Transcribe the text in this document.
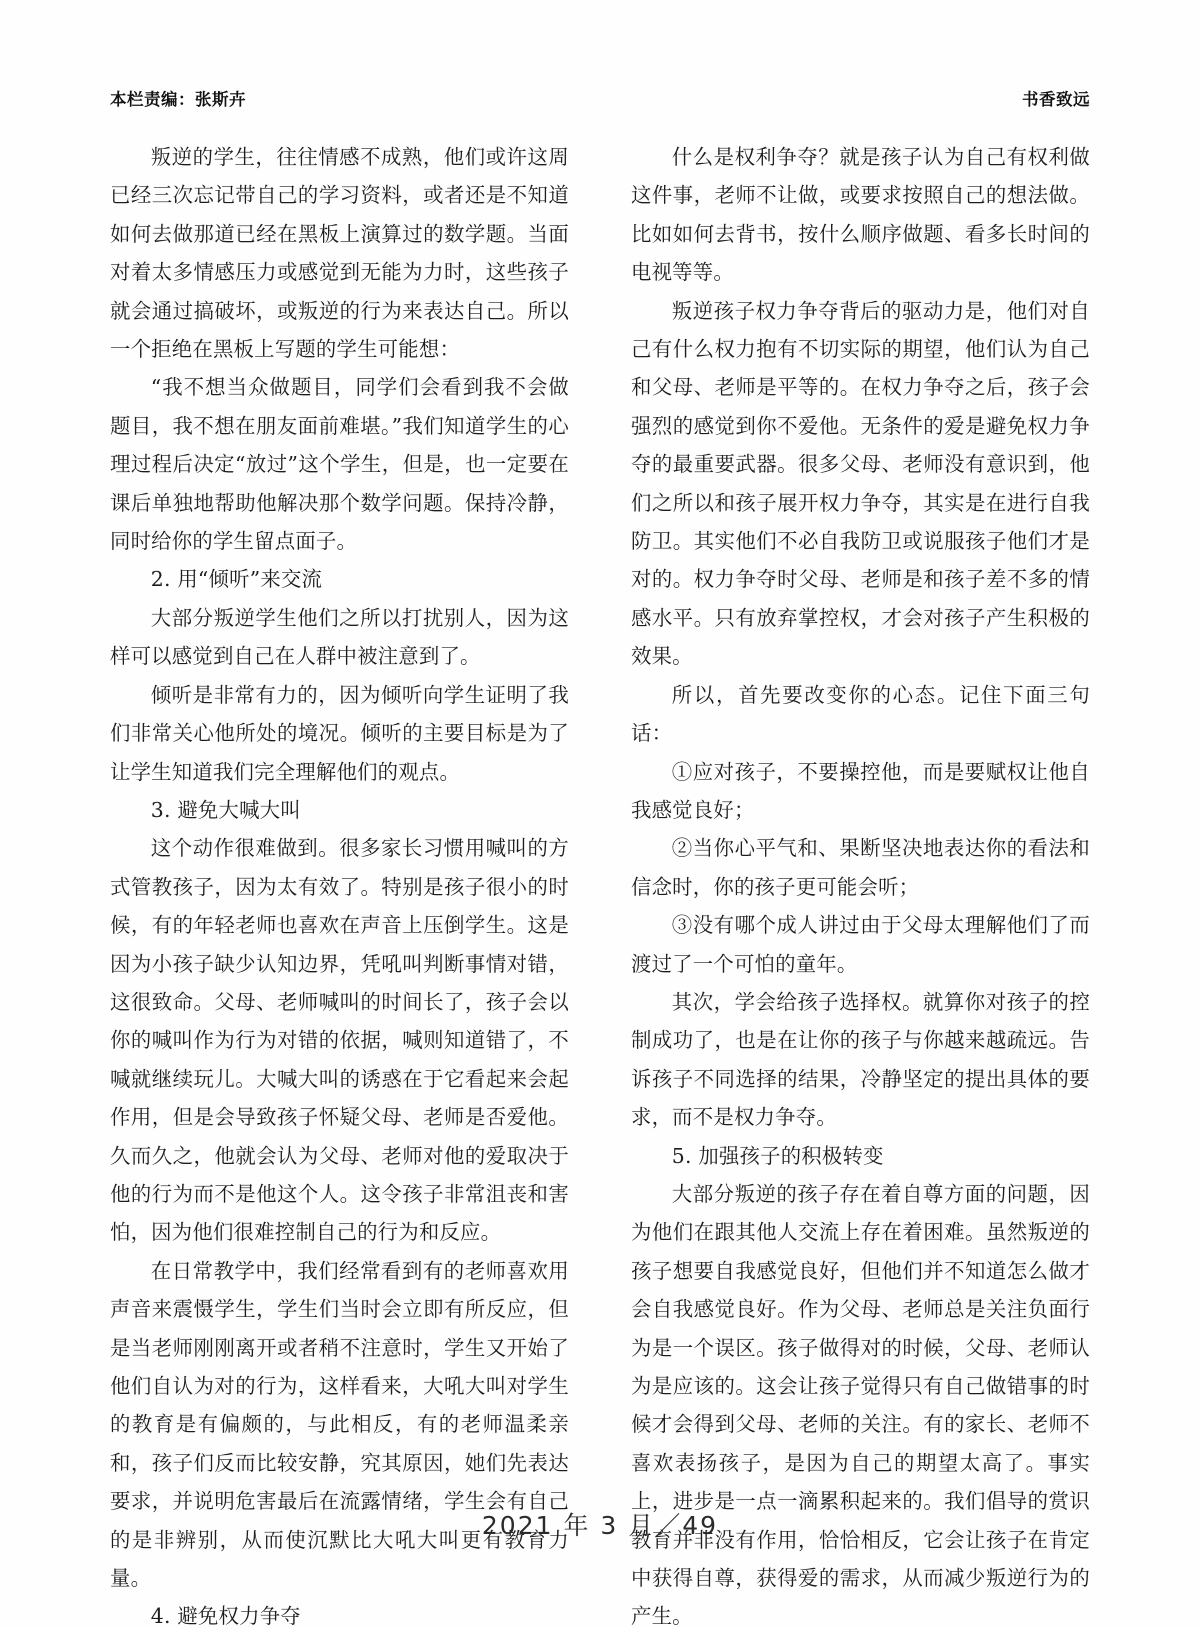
本栏责编：张斯卉	书香致远

叛逆的学生，往往情感不成熟，他们或许这周已经三次忘记带自己的学习资料，或者还是不知道如何去做那道已经在黑板上演算过的数学题。当面对着太多情感压力或感觉到无能为力时，这些孩子就会通过搞破坏，或叛逆的行为来表达自己。所以一个拒绝在黑板上写题的学生可能想：

“我不想当众做题目，同学们会看到我不会做题目，我不想在朋友面前难堪。”我们知道学生的心理过程后决定“放过”这个学生，但是，也一定要在课后单独地帮助他解决那个数学问题。保持冷静，同时给你的学生留点面子。

2. 用“倾听”来交流

大部分叛逆学生他们之所以打扰别人，因为这样可以感觉到自己在人群中被注意到了。

倾听是非常有力的，因为倾听向学生证明了我们非常关心他所处的境况。倾听的主要目标是为了让学生知道我们完全理解他们的观点。

3. 避免大喊大叫

这个动作很难做到。很多家长习惯用喊叫的方式管教孩子，因为太有效了。特别是孩子很小的时候，有的年轻老师也喜欢在声音上压倒学生。这是因为小孩子缺少认知边界，凭吼叫判断事情对错，这很致命。父母、老师喊叫的时间长了，孩子会以你的喊叫作为行为对错的依据，喊则知道错了，不喊就继续玩儿。大喊大叫的诱惑在于它看起来会起作用，但是会导致孩子怀疑父母、老师是否爱他。久而久之，他就会认为父母、老师对他的爱取决于他的行为而不是他这个人。这令孩子非常沮丧和害怕，因为他们很难控制自己的行为和反应。

在日常教学中，我们经常看到有的老师喜欢用声音来震慑学生，学生们当时会立即有所反应，但是当老师刚刚离开或者稍不注意时，学生又开始了他们自认为对的行为，这样看来，大吼大叫对学生的教育是有偏颇的，与此相反，有的老师温柔亲和，孩子们反而比较安静，究其原因，她们先表达要求，并说明危害最后在流露情绪，学生会有自己的是非辨别，从而使沉默比大吼大叫更有教育力量。

4. 避免权力争夺

什么是权利争夺？就是孩子认为自己有权利做这件事，老师不让做，或要求按照自己的想法做。比如如何去背书，按什么顺序做题、看多长时间的电视等等。

叛逆孩子权力争夺背后的驱动力是，他们对自己有什么权力抱有不切实际的期望，他们认为自己和父母、老师是平等的。在权力争夺之后，孩子会强烈的感觉到你不爱他。无条件的爱是避免权力争夺的最重要武器。很多父母、老师没有意识到，他们之所以和孩子展开权力争夺，其实是在进行自我防卫。其实他们不必自我防卫或说服孩子他们才是对的。权力争夺时父母、老师是和孩子差不多的情感水平。只有放弃掌控权，才会对孩子产生积极的效果。

所以，首先要改变你的心态。记住下面三句话：

①应对孩子，不要操控他，而是要赋权让他自我感觉良好；

②当你心平气和、果断坚决地表达你的看法和信念时，你的孩子更可能会听；

③没有哪个成人讲过由于父母太理解他们了而渡过了一个可怕的童年。

其次，学会给孩子选择权。就算你对孩子的控制成功了，也是在让你的孩子与你越来越疏远。告诉孩子不同选择的结果，冷静坚定的提出具体的要求，而不是权力争夺。

5. 加强孩子的积极转变

大部分叛逆的孩子存在着自尊方面的问题，因为他们在跟其他人交流上存在着困难。虽然叛逆的孩子想要自我感觉良好，但他们并不知道怎么做才会自我感觉良好。作为父母、老师总是关注负面行为是一个误区。孩子做得对的时候，父母、老师认为是应该的。这会让孩子觉得只有自己做错事的时候才会得到父母、老师的关注。有的家长、老师不喜欢表扬孩子，是因为自己的期望太高了。事实上，进步是一点一滴累积起来的。我们倡导的赏识教育并非没有作用，恰恰相反，它会让孩子在肯定中获得自尊，获得爱的需求，从而减少叛逆行为的产生。

2021 年 3 月／49
